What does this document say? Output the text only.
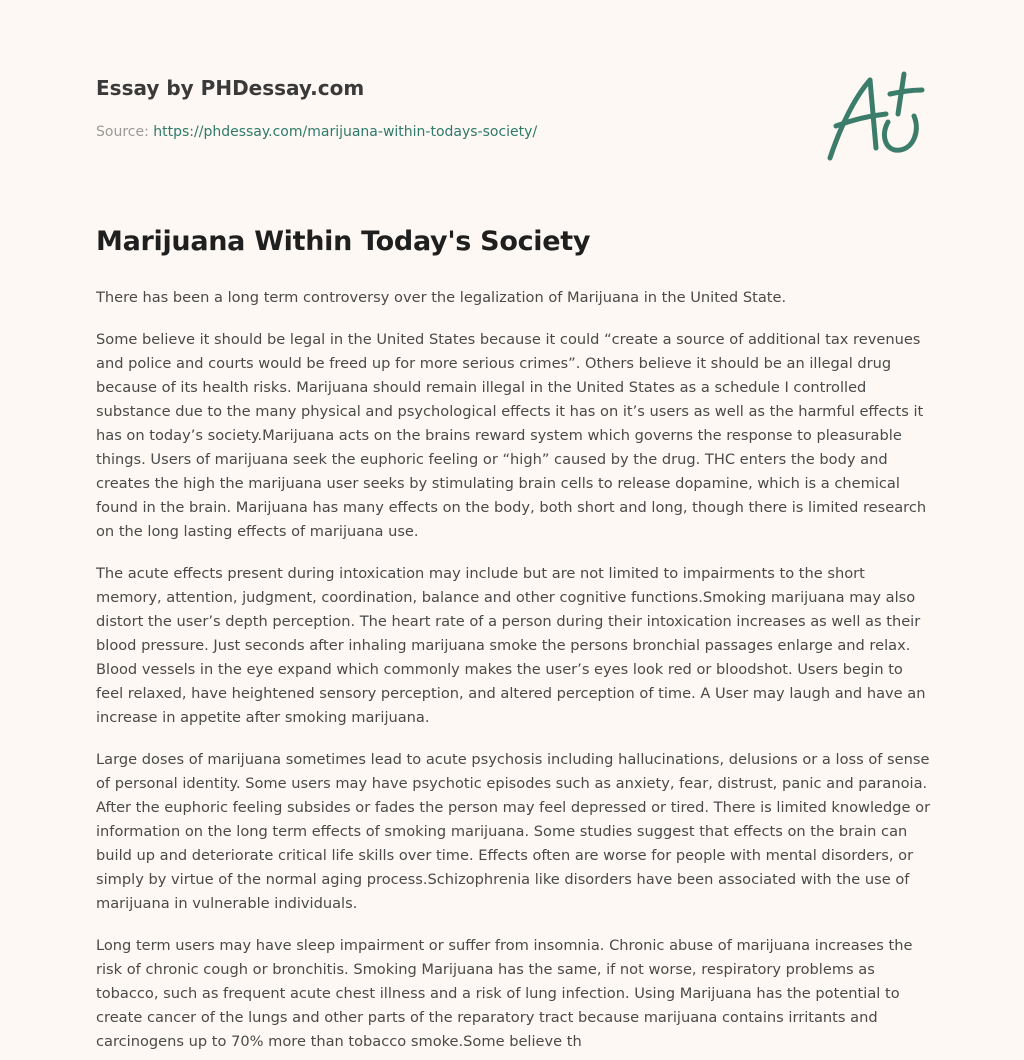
Essay by PHDessay.com
Source: https://phdessay.com/marijuana-within-todays-society/
Marijuana Within Today's Society

There has been a long term controversy over the legalization of Marijuana in the United State.

Some believe it should be legal in the United States because it could “create a source of additional tax revenues and police and courts would be freed up for more serious crimes”. Others believe it should be an illegal drug because of its health risks. Marijuana should remain illegal in the United States as a schedule I controlled substance due to the many physical and psychological effects it has on it’s users as well as the harmful effects it has on today’s society.Marijuana acts on the brains reward system which governs the response to pleasurable things. Users of marijuana seek the euphoric feeling or “high” caused by the drug. THC enters the body and creates the high the marijuana user seeks by stimulating brain cells to release dopamine, which is a chemical found in the brain. Marijuana has many effects on the body, both short and long, though there is limited research on the long lasting effects of marijuana use.

The acute effects present during intoxication may include but are not limited to impairments to the short memory, attention, judgment, coordination, balance and other cognitive functions.Smoking marijuana may also distort the user’s depth perception. The heart rate of a person during their intoxication increases as well as their blood pressure. Just seconds after inhaling marijuana smoke the persons bronchial passages enlarge and relax. Blood vessels in the eye expand which commonly makes the user’s eyes look red or bloodshot. Users begin to feel relaxed, have heightened sensory perception, and altered perception of time. A User may laugh and have an increase in appetite after smoking marijuana.

Large doses of marijuana sometimes lead to acute psychosis including hallucinations, delusions or a loss of sense of personal identity. Some users may have psychotic episodes such as anxiety, fear, distrust, panic and paranoia. After the euphoric feeling subsides or fades the person may feel depressed or tired. There is limited knowledge or information on the long term effects of smoking marijuana. Some studies suggest that effects on the brain can build up and deteriorate critical life skills over time. Effects often are worse for people with mental disorders, or simply by virtue of the normal aging process.Schizophrenia like disorders have been associated with the use of marijuana in vulnerable individuals.

Long term users may have sleep impairment or suffer from insomnia. Chronic abuse of marijuana increases the risk of chronic cough or bronchitis. Smoking Marijuana has the same, if not worse, respiratory problems as tobacco, such as frequent acute chest illness and a risk of lung infection. Using Marijuana has the potential to create cancer of the lungs and other parts of the reparatory tract because marijuana contains irritants and carcinogens up to 70% more than tobacco smoke.Some believe th
